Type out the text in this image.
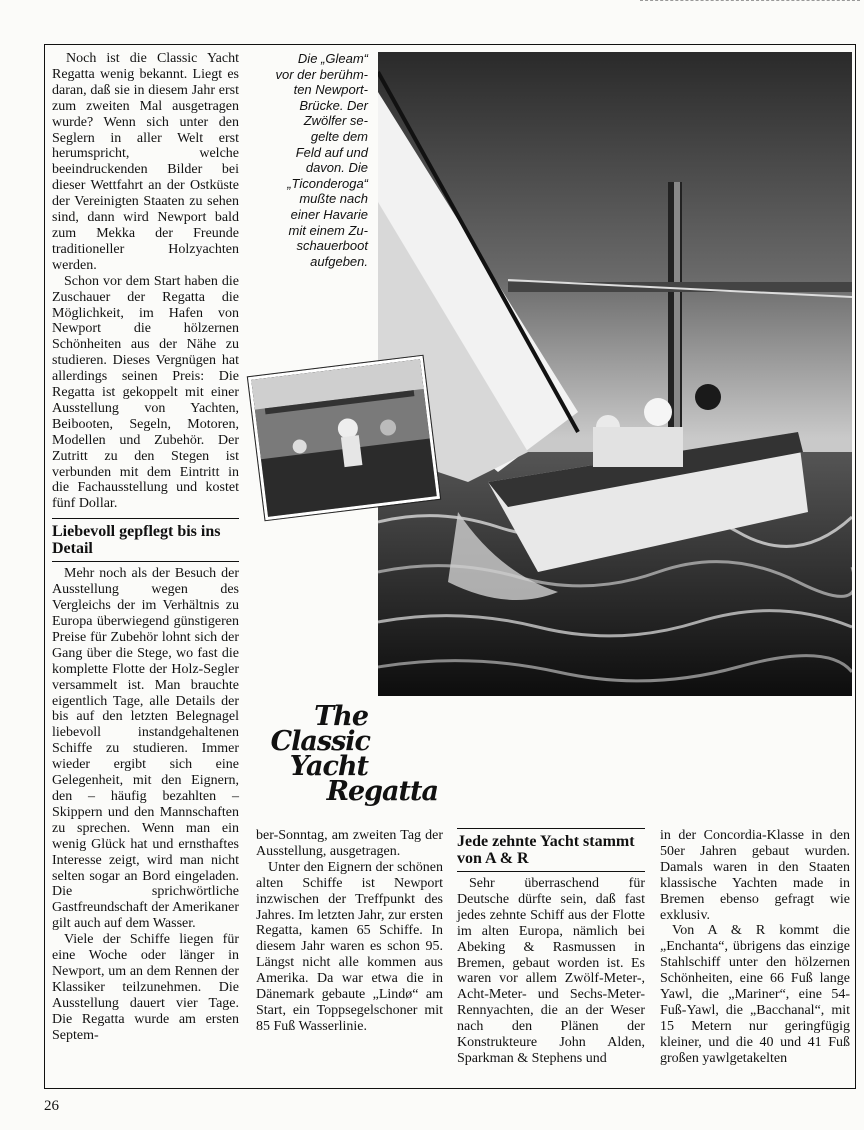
Noch ist die Classic Yacht Regatta wenig bekannt. Liegt es daran, daß sie in diesem Jahr erst zum zweiten Mal ausgetragen wurde? Wenn sich unter den Seglern in aller Welt erst herumspricht, welche beeindruckenden Bilder bei dieser Wettfahrt an der Ostküste der Vereinigten Staaten zu sehen sind, dann wird Newport bald zum Mekka der Freunde traditioneller Holzyachten werden.

Schon vor dem Start haben die Zuschauer der Regatta die Möglichkeit, im Hafen von Newport die hölzernen Schönheiten aus der Nähe zu studieren. Dieses Vergnügen hat allerdings seinen Preis: Die Regatta ist gekoppelt mit einer Ausstellung von Yachten, Beibooten, Segeln, Motoren, Modellen und Zubehör. Der Zutritt zu den Stegen ist verbunden mit dem Eintritt in die Fachausstellung und kostet fünf Dollar.

Liebevoll gepflegt bis ins Detail

Mehr noch als der Besuch der Ausstellung wegen des Vergleichs der im Verhältnis zu Europa überwiegend günstigeren Preise für Zubehör lohnt sich der Gang über die Stege, wo fast die komplette Flotte der Holz-Segler versammelt ist. Man brauchte eigentlich Tage, alle Details der bis auf den letzten Belegnagel liebevoll instandgehaltenen Schiffe zu studieren. Immer wieder ergibt sich eine Gelegenheit, mit den Eignern, den – häufig bezahlten – Skippern und den Mannschaften zu sprechen. Wenn man ein wenig Glück hat und ernsthaftes Interesse zeigt, wird man nicht selten sogar an Bord eingeladen. Die sprichwörtliche Gastfreundschaft der Amerikaner gilt auch auf dem Wasser.

Viele der Schiffe liegen für eine Woche oder länger in Newport, um an dem Rennen der Klassiker teilzunehmen. Die Ausstellung dauert vier Tage. Die Regatta wurde am ersten Septem-

Die „Gleam“
vor der berühm-
ten Newport-
Brücke. Der
Zwölfer se-
gelte dem
Feld auf und
davon. Die
„Ticonderoga“
mußte nach
einer Havarie
mit einem Zu-
schauerboot
aufgeben.
The
Classic
Yacht
Regatta

ber-Sonntag, am zweiten Tag der Ausstellung, ausgetragen.

Unter den Eignern der schönen alten Schiffe ist Newport inzwischen der Treffpunkt des Jahres. Im letzten Jahr, zur ersten Regatta, kamen 65 Schiffe. In diesem Jahr waren es schon 95. Längst nicht alle kommen aus Amerika. Da war etwa die in Dänemark gebaute „Lindø“ am Start, ein Toppsegelschoner mit 85 Fuß Wasserlinie.

Jede zehnte Yacht stammt von A & R

Sehr überraschend für Deutsche dürfte sein, daß fast jedes zehnte Schiff aus der Flotte im alten Europa, nämlich bei Abeking & Rasmussen in Bremen, gebaut worden ist. Es waren vor allem Zwölf-Meter-, Acht-Meter- und Sechs-Meter-Rennyachten, die an der Weser nach den Plänen der Konstrukteure John Alden, Sparkman & Stephens und

in der Concordia-Klasse in den 50er Jahren gebaut wurden. Damals waren in den Staaten klassische Yachten made in Bremen ebenso gefragt wie exklusiv.

Von A & R kommt die „Enchanta“, übrigens das einzige Stahlschiff unter den hölzernen Schönheiten, eine 66 Fuß lange Yawl, die „Mariner“, eine 54-Fuß-Yawl, die „Bacchanal“, mit 15 Metern nur geringfügig kleiner, und die 40 und 41 Fuß großen yawlgetakelten

26
